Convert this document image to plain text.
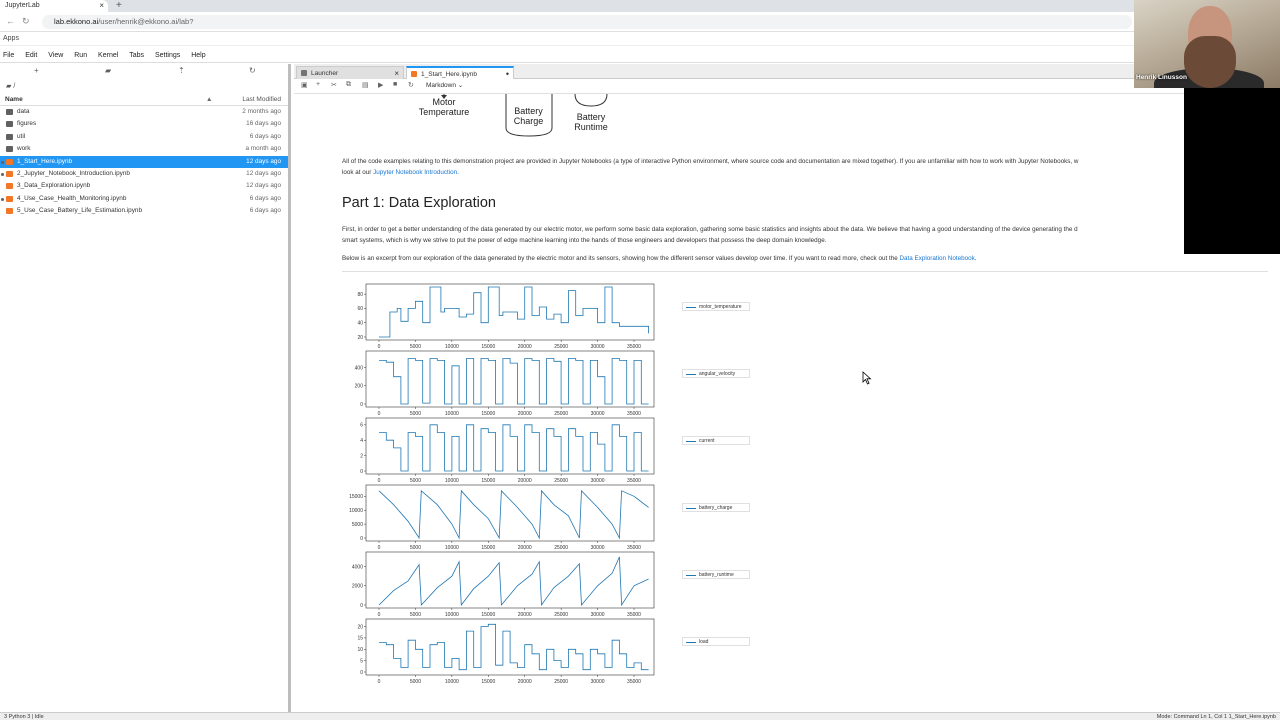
JupyterLab	× +
← ↻	lab.ekkono.ai/user/henrik@ekkono.ai/lab?
Apps
File Edit View Run Kernel Tabs Settings Help
+	▰	⇡	↻
▰ /
Name	▲	Last Modified
data	2 months ago
figures	16 days ago
util	6 days ago
work	a month ago
1_Start_Here.ipynb	12 days ago
2_Jupyter_Notebook_Introduction.ipynb	12 days ago
3_Data_Exploration.ipynb	12 days ago
4_Use_Case_Health_Monitoring.ipynb	6 days ago
5_Use_Case_Battery_Life_Estimation.ipynb	6 days ago
Launcher	×	1_Start_Here.ipynb	•
▣ + ✂ ⧉ ▤ ▶ ■ ↻ Markdown ⌄
Motor
Temperature	Battery
Charge	Battery
Runtime
All of the code examples relating to this demonstration project are provided in Jupyter Notebooks (a type of interactive Python environment, where source code and documentation are mixed together). If you are unfamiliar with how to work with Jupyter Notebooks, w
look at our Jupyter Notebook Introduction.
Part 1: Data Exploration
First, in order to get a better understanding of the data generated by our electric motor, we perform some basic data exploration, gathering some basic statistics and insights about the data. We believe that having a good understanding of the device generating the d
smart systems, which is why we strive to put the power of edge machine learning into the hands of those engineers and developers that possess the deep domain knowledge.
Below is an excerpt from our exploration of the data generated by the electric motor and its sensors, showing how the different sensor values develop over time. If you want to read more, check out the Data Exploration Notebook.
0	5000	10000	15000	20000	25000	30000	35000
20
40
60
80
0	5000	10000	15000	20000	25000	30000	35000
0
200
400
0	5000	10000	15000	20000	25000	30000	35000
0
2
4
6
0	5000	10000	15000	20000	25000	30000	35000
0
5000
10000
15000
0	5000	10000	15000	20000	25000	30000	35000
0
2000
4000
0	5000	10000	15000	20000	25000	30000	35000
0
5
10
15
20
motor_temperature
angular_velocity
current
battery_charge
battery_runtime
load
3 Python 3 | Idle	Mode: Command Ln 1, Col 1 1_Start_Here.ipynb
Henrik Linusson
